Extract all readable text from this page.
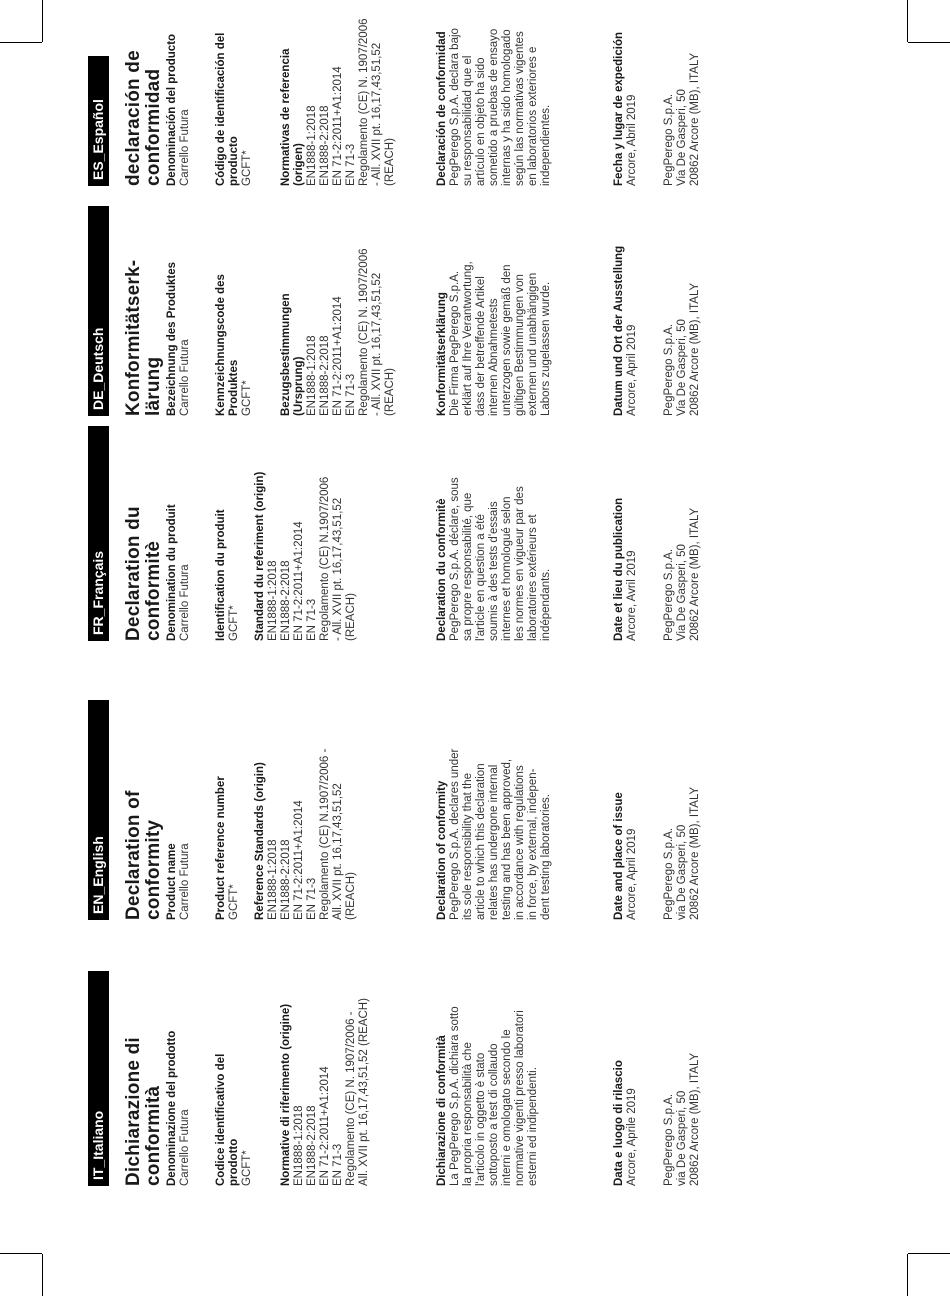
IT_Italiano Dichiarazione di
conformità Denominazione del prodotto Carrello Futura Codice identificativo del
prodotto GCFT* Normative di riferimento (origine) EN1888-1:2018
EN1888-2:2018
EN 71-2:2011+A1:2014
EN 71-3
Regolamento (CE) N. 1907/2006 -
All. XVII pt. 16,17,43,51,52 (REACH)
Dichiarazione di conformità La PegPerego S.p.A. dichiara sotto
la propria responsabilità che
l'articolo in oggetto è stato
sottoposto a test di collaudo
interni e omologato secondo le
normative vigenti presso laboratori
esterni ed indipendenti.	Data e luogo di rilascio Arcore, Aprile 2019 PegPerego S.p.A.
via De Gasperi, 50
20862 Arcore (MB), ITALY
EN_English Declaration of
conformity Product name Carrello Futura Product reference number GCFT* Reference Standards (origin) EN1888-1:2018
EN1888-2:2018
EN 71-2:2011+A1:2014
EN 71-3
Regolamento (CE) N.1907/2006 -
All. XVII pt. 16,17,43,51,52
(REACH)	Declaration of conformity PegPerego S.p.A. declares under
its sole responsibility that the
article to which this declaration
relates has undergone internal
testing and has been approved,
in accordance with regulations
in force, by external, indepen-
dent testing laboratories.	Date and place of issue Arcore, April 2019 PegPerego S.p.A.
via De Gasperi, 50
20862 Arcore (MB), ITALY
FR_Français Declaration du
conformitè Denomination du produit Carrello Futura Identification du produit GCFT* Standard du referiment (origin) EN1888-1:2018
EN1888-2:2018
EN 71-2:2011+A1:2014
EN 71-3
Regolamento (CE) N.1907/2006
- All. XVII pt. 16,17,43,51,52
(REACH)	Declaration du conformitè PegPerego S.p.A. déclare, sous
sa propre responsabilité, que
l'article en question a été
soumis à des tests d'essais
internes et homologué selon
les normes en vigueur par des
laboratoires extérieurs et
indépendants.	Date et lieu du publication Arcore, Avril 2019 PegPerego S.p.A.
Via De Gasperi, 50
20862 Arcore (MB), ITALY
DE_Deutsch Konformitätserk-
lärung Bezeichnung des Produktes Carrello Futura Kennzeichnungscode des
Produktes GCFT* Bezugsbestimmungen
(Ursprung) EN1888-1:2018
EN1888-2:2018
EN 71-2:2011+A1:2014
EN 71-3
Regolamento (CE) N. 1907/2006
- All. XVII pt. 16,17,43,51,52
(REACH)	Konformitätserklärung Die Firma PegPerego S.p.A.
erklärt auf Ihre Verantwortung,
dass der betreffende Artikel
internen Abnahmetests
unterzogen sowie gemäß den
gültigen Bestimmungen von
externen und unabhängigen
Labors zugelassen wurde.	Datum und Ort der Ausstellung Arcore, April 2019 PegPerego S.p.A.
Via De Gasperi, 50
20862 Arcore (MB), ITALY
ES_Español declaración de
conformidad Denominación del producto Carrello Futura Código de identificación del
producto GCFT* Normativas de referencia
(origen) EN1888-1:2018
EN1888-2:2018
EN 71-2:2011+A1:2014
EN 71-3
Regolamento (CE) N. 1907/2006
- All. XVII pt. 16,17,43,51,52
(REACH)	Declaración de conformidad PegPerego S.p.A. declara bajo
su responsabilidad que el
artículo en objeto ha sido
sometido a pruebas de ensayo
internas y ha sido homologado
según las normativas vigentes
en laboratorios exteriores e
independientes.	Fecha y lugar de expedición Arcore, Abril 2019 PegPerego S.p.A.
Via De Gasperi, 50
20862 Arcore (MB), ITALY
